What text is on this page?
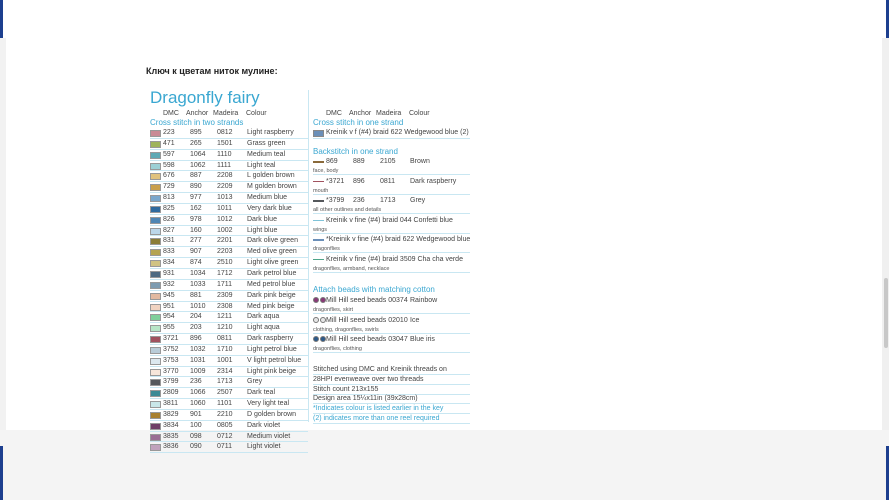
Ключ к цветам ниток мулине:
Dragonfly fairy
DMC Anchor Madeira Colour
Cross stitch in two strands
223 895 0812 Light raspberry
471 265 1501 Grass green
597 1064 1110 Medium teal
598 1062 1111 Light teal
676 887 2208 L golden brown
729 890 2209 M golden brown
813 977 1013 Medium blue
825 162 1011 Very dark blue
826 978 1012 Dark blue
827 160 1002 Light blue
831 277 2201 Dark olive green
833 907 2203 Med olive green
834 874 2510 Light olive green
931 1034 1712 Dark petrol blue
932 1033 1711 Med petrol blue
945 881 2309 Dark pink beige
951 1010 2308 Med pink beige
954 204 1211 Dark aqua
955 203 1210 Light aqua
3721 896 0811 Dark raspberry
3752 1032 1710 Light petrol blue
3753 1031 1001 V light petrol blue
3770 1009 2314 Light pink beige
3799 236 1713 Grey
2809 1066 2507 Dark teal
3811 1060 1101 Very light teal
3829 901 2210 D golden brown
3834 100 0805 Dark violet
3835 098 0712 Medium violet
3836 090 0711 Light violet
DMC Anchor Madeira Colour
Cross stitch in one strand
Kreinik v f (#4) braid 622 Wedgewood blue (2)
Backstitch in one strand
869 889 2105 Brown
face, body
*3721 896 0811 Dark raspberry
mouth
*3799 236 1713 Grey
all other outlines and details
Kreinik v fine (#4) braid 044 Confetti blue
wings
*Kreinik v fine (#4) braid 622 Wedgewood blue
dragonflies
Kreinik v fine (#4) braid 3509 Cha cha verde
dragonflies, armband, necklace
Attach beads with matching cotton
Mill Hill seed beads 00374 Rainbow
dragonflies, skirt
Mill Hill seed beads 02010 Ice
clothing, dragonflies, swirls
Mill Hill seed beads 03047 Blue iris
dragonflies, clothing
Stitched using DMC and Kreinik threads on
28HPI evenweave over two threads
Stitch count 213x155
Design area 15¼x11in (39x28cm)
*Indicates colour is listed earlier in the key
(2) indicates more than one reel required
